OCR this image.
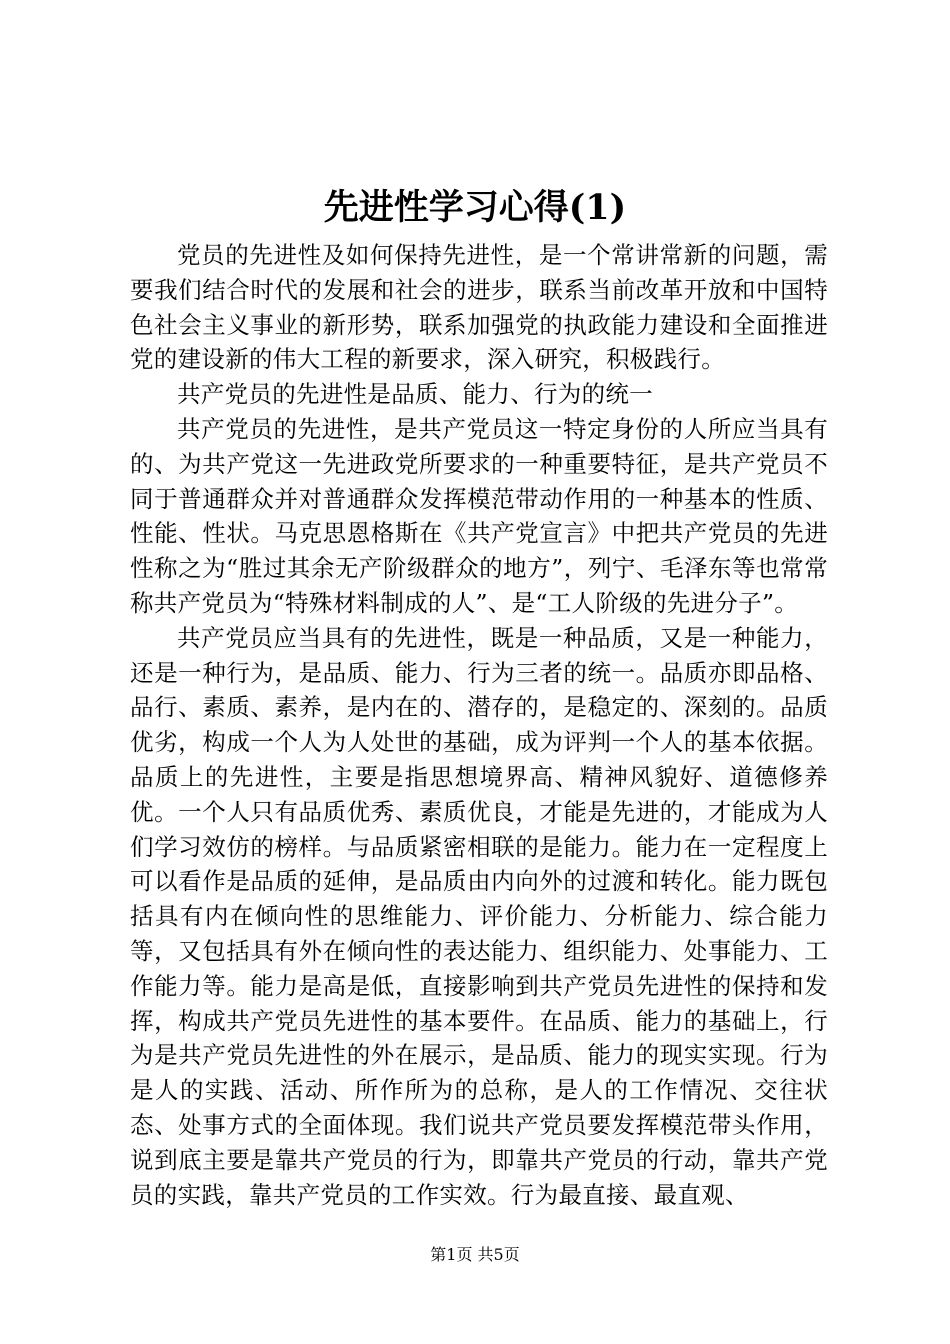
先进性学习心得(1)

党员的先进性及如何保持先进性，是一个常讲常新的问题，需要我们结合时代的发展和社会的进步，联系当前改革开放和中国特色社会主义事业的新形势，联系加强党的执政能力建设和全面推进党的建设新的伟大工程的新要求，深入研究，积极践行。

共产党员的先进性是品质、能力、行为的统一

共产党员的先进性，是共产党员这一特定身份的人所应当具有的、为共产党这一先进政党所要求的一种重要特征，是共产党员不同于普通群众并对普通群众发挥模范带动作用的一种基本的性质、性能、性状。马克思恩格斯在《共产党宣言》中把共产党员的先进性称之为“胜过其余无产阶级群众的地方”，列宁、毛泽东等也常常称共产党员为“特殊材料制成的人”、是“工人阶级的先进分子”。

共产党员应当具有的先进性，既是一种品质，又是一种能力，还是一种行为，是品质、能力、行为三者的统一。品质亦即品格、品行、素质、素养，是内在的、潜存的，是稳定的、深刻的。品质优劣，构成一个人为人处世的基础，成为评判一个人的基本依据。品质上的先进性，主要是指思想境界高、精神风貌好、道德修养优。一个人只有品质优秀、素质优良，才能是先进的，才能成为人们学习效仿的榜样。与品质紧密相联的是能力。能力在一定程度上可以看作是品质的延伸，是品质由内向外的过渡和转化。能力既包括具有内在倾向性的思维能力、评价能力、分析能力、综合能力等，又包括具有外在倾向性的表达能力、组织能力、处事能力、工作能力等。能力是高是低，直接影响到共产党员先进性的保持和发挥，构成共产党员先进性的基本要件。在品质、能力的基础上，行为是共产党员先进性的外在展示，是品质、能力的现实实现。行为是人的实践、活动、所作所为的总称，是人的工作情况、交往状态、处事方式的全面体现。我们说共产党员要发挥模范带头作用，说到底主要是靠共产党员的行为，即靠共产党员的行动，靠共产党员的实践，靠共产党员的工作实效。行为最直接、最直观、

第1页 共5页
